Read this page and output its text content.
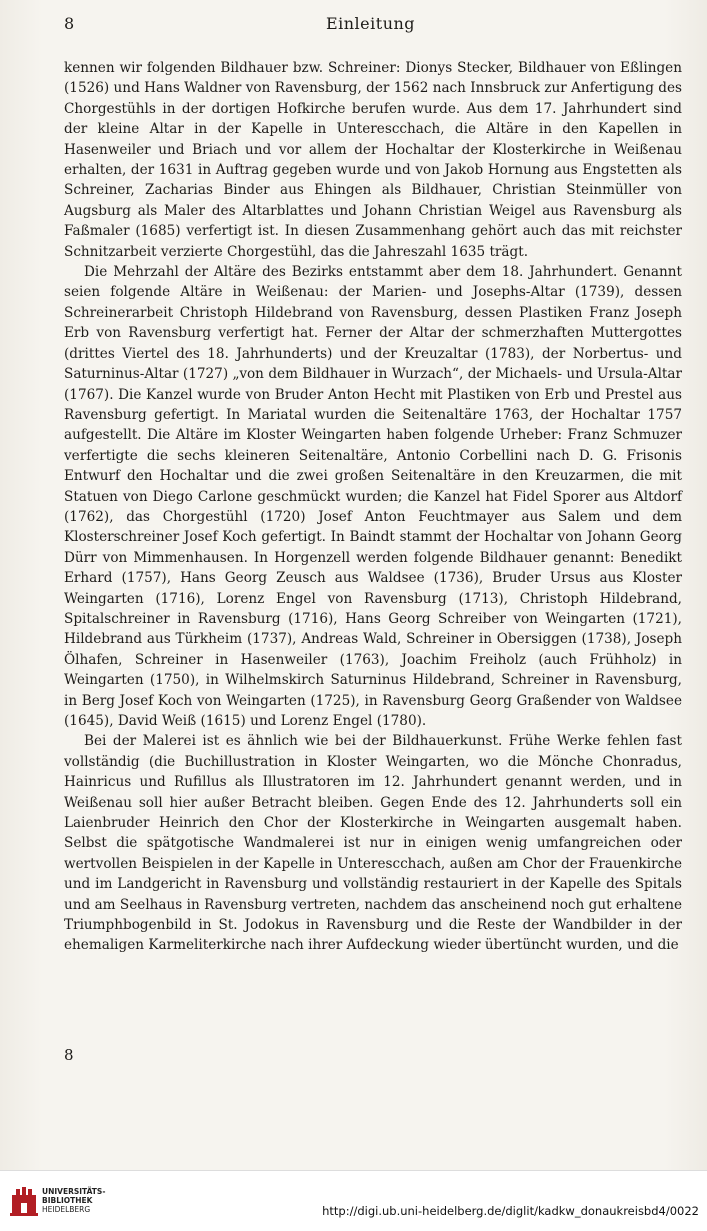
8	Einleitung

kennen wir folgenden Bildhauer bzw. Schreiner: Dionys Stecker, Bildhauer von Eßlingen (1526) und Hans Waldner von Ravensburg, der 1562 nach Innsbruck zur Anfertigung des Chorgestühls in der dortigen Hofkirche berufen wurde. Aus dem 17. Jahrhundert sind der kleine Altar in der Kapelle in Unterescchach, die Altäre in den Kapellen in Hasenweiler und Briach und vor allem der Hochaltar der Klosterkirche in Weißenau erhalten, der 1631 in Auftrag gegeben wurde und von Jakob Hornung aus Engstetten als Schreiner, Zacharias Binder aus Ehingen als Bildhauer, Christian Steinmüller von Augsburg als Maler des Altarblattes und Johann Christian Weigel aus Ravensburg als Faßmaler (1685) verfertigt ist. In diesen Zusammenhang gehört auch das mit reichster Schnitzarbeit verzierte Chorgestühl, das die Jahreszahl 1635 trägt.

Die Mehrzahl der Altäre des Bezirks entstammt aber dem 18. Jahrhundert. Genannt seien folgende Altäre in Weißenau: der Marien- und Josephs-Altar (1739), dessen Schreinerarbeit Christoph Hildebrand von Ravensburg, dessen Plastiken Franz Joseph Erb von Ravensburg verfertigt hat. Ferner der Altar der schmerzhaften Muttergottes (drittes Viertel des 18. Jahrhunderts) und der Kreuzaltar (1783), der Norbertus- und Saturninus-Altar (1727) „von dem Bildhauer in Wurzach“, der Michaels- und Ursula-Altar (1767). Die Kanzel wurde von Bruder Anton Hecht mit Plastiken von Erb und Prestel aus Ravensburg gefertigt. In Mariatal wurden die Seitenaltäre 1763, der Hochaltar 1757 aufgestellt. Die Altäre im Kloster Weingarten haben folgende Urheber: Franz Schmuzer verfertigte die sechs kleineren Seitenaltäre, Antonio Corbellini nach D. G. Frisonis Entwurf den Hochaltar und die zwei großen Seitenaltäre in den Kreuzarmen, die mit Statuen von Diego Carlone geschmückt wurden; die Kanzel hat Fidel Sporer aus Altdorf (1762), das Chorgestühl (1720) Josef Anton Feuchtmayer aus Salem und dem Klosterschreiner Josef Koch gefertigt. In Baindt stammt der Hochaltar von Johann Georg Dürr von Mimmenhausen. In Horgenzell werden folgende Bildhauer genannt: Benedikt Erhard (1757), Hans Georg Zeusch aus Waldsee (1736), Bruder Ursus aus Kloster Weingarten (1716), Lorenz Engel von Ravensburg (1713), Christoph Hildebrand, Spitalschreiner in Ravensburg (1716), Hans Georg Schreiber von Weingarten (1721), Hildebrand aus Türkheim (1737), Andreas Wald, Schreiner in Obersiggen (1738), Joseph Ölhafen, Schreiner in Hasenweiler (1763), Joachim Freiholz (auch Frühholz) in Weingarten (1750), in Wilhelmskirch Saturninus Hildebrand, Schreiner in Ravensburg, in Berg Josef Koch von Weingarten (1725), in Ravensburg Georg Graßender von Waldsee (1645), David Weiß (1615) und Lorenz Engel (1780).

Bei der Malerei ist es ähnlich wie bei der Bildhauerkunst. Frühe Werke fehlen fast vollständig (die Buchillustration in Kloster Weingarten, wo die Mönche Chonradus, Hainricus und Rufillus als Illustratoren im 12. Jahrhundert genannt werden, und in Weißenau soll hier außer Betracht bleiben. Gegen Ende des 12. Jahrhunderts soll ein Laienbruder Heinrich den Chor der Klosterkirche in Weingarten ausgemalt haben. Selbst die spätgotische Wandmalerei ist nur in einigen wenig umfangreichen oder wertvollen Beispielen in der Kapelle in Unterescchach, außen am Chor der Frauenkirche und im Landgericht in Ravensburg und vollständig restauriert in der Kapelle des Spitals und am Seelhaus in Ravensburg vertreten, nachdem das anscheinend noch gut erhaltene Triumphbogenbild in St. Jodokus in Ravensburg und die Reste der Wandbilder in der ehemaligen Karmeliterkirche nach ihrer Aufdeckung wieder übertüncht wurden, und die

8
UNIVERSITÄTS-
BIBLIOTHEK
HEIDELBERG	http://digi.ub.uni-heidelberg.de/diglit/kadkw_donaukreisbd4/0022
